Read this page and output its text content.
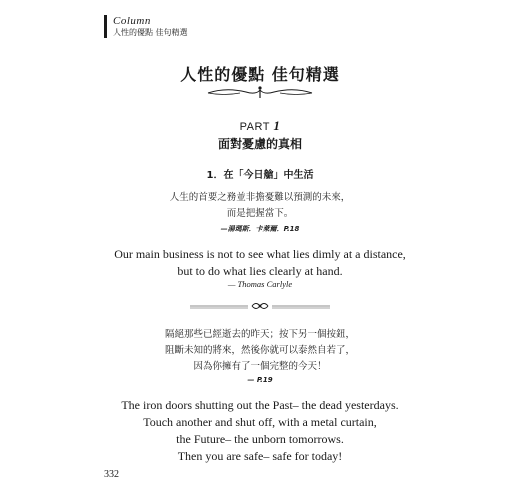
Column
人性的優點 佳句精選
人性的優點 佳句精選
PART 1
面對憂慮的真相
1．在「今日艙」中生活
人生的首要之務並非擔憂難以預測的未來，
而是把握當下。
—湯瑪斯．卡萊爾．P.18
Our main business is not to see what lies dimly at a distance,
but to do what lies clearly at hand.
— Thomas Carlyle
隔絕那些已經逝去的昨天；按下另一個按鈕，
阻斷未知的將來，然後你就可以泰然自若了，
因為你擁有了一個完整的今天！
— P.19
The iron doors shutting out the Past– the dead yesterdays.
Touch another and shut off, with a metal curtain,
the Future– the unborn tomorrows.
Then you are safe– safe for today!
332
